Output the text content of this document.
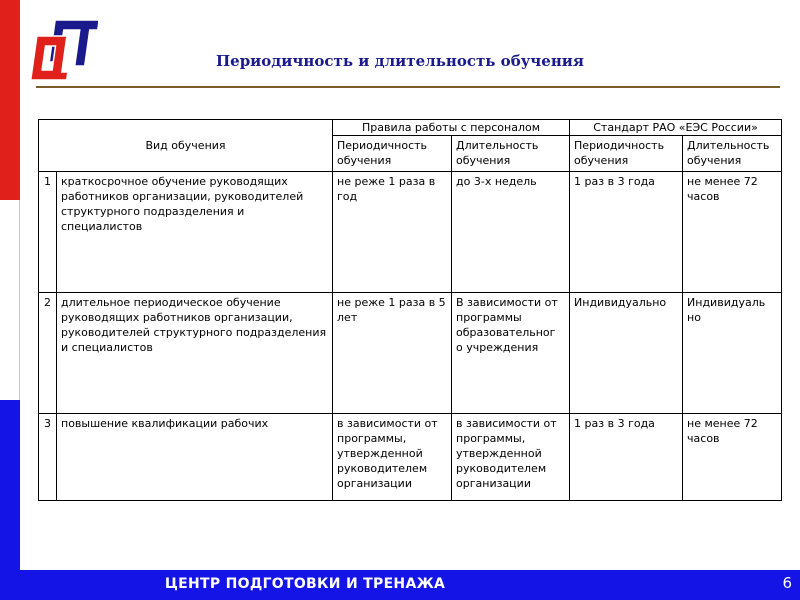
Периодичность и длительность обучения
Вид обучения		Правила работы с персоналом		Стандарт РАО «ЕЭС России»	
		Периодичность обучения	Длительность обучения	Периодичность обучения	Длительность обучения
1	краткосрочное обучение руководящих работников организации, руководителей структурного подразделения и специалистов	не реже 1 раза в год	до 3-х недель	1 раз в 3 года	не менее 72 часов
2	длительное периодическое обучение руководящих работников организации, руководителей структурного подразделения и специалистов	не реже 1 раза в 5 лет	В зависимости от программы образовательног о учреждения	Индивидуально	Индивидуаль но
3	повышение квалификации рабочих	в зависимости от программы, утвержденной руководителем организации	в зависимости от программы, утвержденной руководителем организации	1 раз в 3 года	не менее 72 часов
ЦЕНТР ПОДГОТОВКИ И ТРЕНАЖА	6
